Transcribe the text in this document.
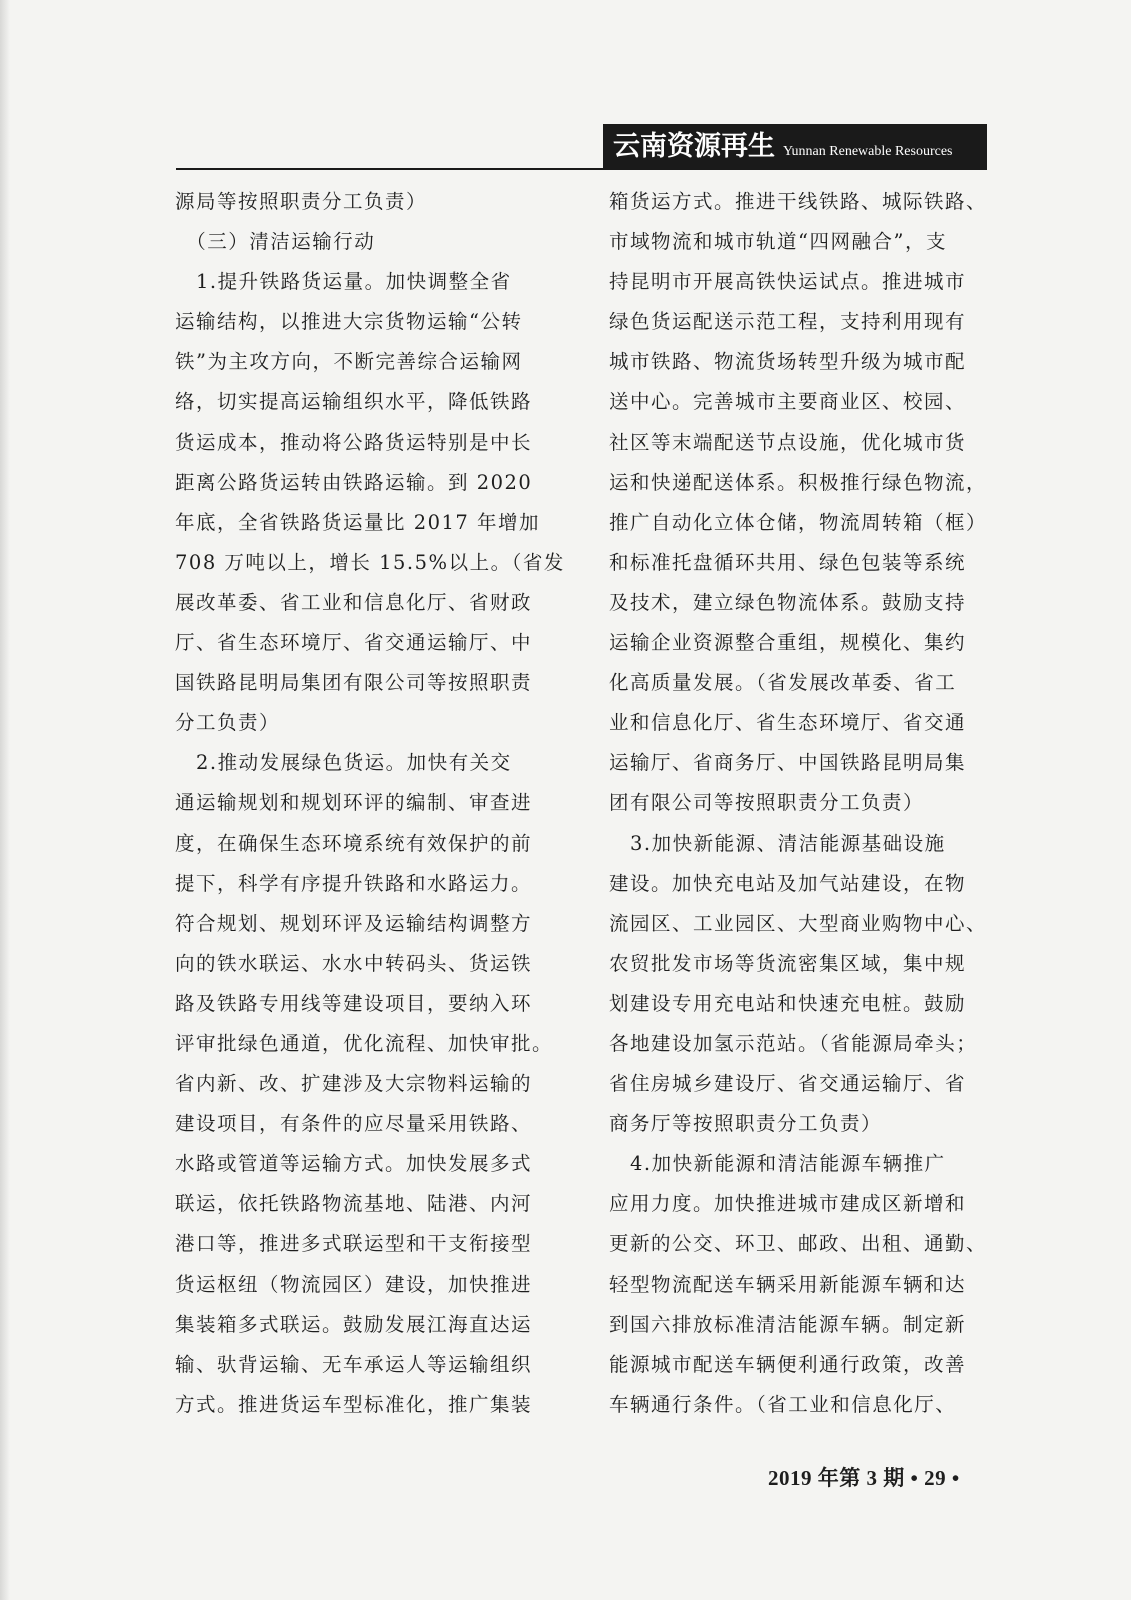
云南资源再生 Yunnan Renewable Resources

源局等按照职责分工负责）

　（三）清洁运输行动

　1.提升铁路货运量。加快调整全省

运输结构，以推进大宗货物运输“公转

铁”为主攻方向，不断完善综合运输网

络，切实提高运输组织水平，降低铁路

货运成本，推动将公路货运特别是中长

距离公路货运转由铁路运输。到 2020

年底，全省铁路货运量比 2017 年增加

708 万吨以上，增长 15.5%以上。（省发

展改革委、省工业和信息化厅、省财政

厅、省生态环境厅、省交通运输厅、中

国铁路昆明局集团有限公司等按照职责

分工负责）

　2.推动发展绿色货运。加快有关交

通运输规划和规划环评的编制、审查进

度，在确保生态环境系统有效保护的前

提下，科学有序提升铁路和水路运力。

符合规划、规划环评及运输结构调整方

向的铁水联运、水水中转码头、货运铁

路及铁路专用线等建设项目，要纳入环

评审批绿色通道，优化流程、加快审批。

省内新、改、扩建涉及大宗物料运输的

建设项目，有条件的应尽量采用铁路、

水路或管道等运输方式。加快发展多式

联运，依托铁路物流基地、陆港、内河

港口等，推进多式联运型和干支衔接型

货运枢纽（物流园区）建设，加快推进

集装箱多式联运。鼓励发展江海直达运

输、驮背运输、无车承运人等运输组织

方式。推进货运车型标准化，推广集装

箱货运方式。推进干线铁路、城际铁路、

市域物流和城市轨道“四网融合”，支

持昆明市开展高铁快运试点。推进城市

绿色货运配送示范工程，支持利用现有

城市铁路、物流货场转型升级为城市配

送中心。完善城市主要商业区、校园、

社区等末端配送节点设施，优化城市货

运和快递配送体系。积极推行绿色物流，

推广自动化立体仓储，物流周转箱（框）

和标准托盘循环共用、绿色包装等系统

及技术，建立绿色物流体系。鼓励支持

运输企业资源整合重组，规模化、集约

化高质量发展。（省发展改革委、省工

业和信息化厅、省生态环境厅、省交通

运输厅、省商务厅、中国铁路昆明局集

团有限公司等按照职责分工负责）

　3.加快新能源、清洁能源基础设施

建设。加快充电站及加气站建设，在物

流园区、工业园区、大型商业购物中心、

农贸批发市场等货流密集区域，集中规

划建设专用充电站和快速充电桩。鼓励

各地建设加氢示范站。（省能源局牵头；

省住房城乡建设厅、省交通运输厅、省

商务厅等按照职责分工负责）

　4.加快新能源和清洁能源车辆推广

应用力度。加快推进城市建成区新增和

更新的公交、环卫、邮政、出租、通勤、

轻型物流配送车辆采用新能源车辆和达

到国六排放标准清洁能源车辆。制定新

能源城市配送车辆便利通行政策，改善

车辆通行条件。（省工业和信息化厅、

2019 年第 3 期 • 29 •
